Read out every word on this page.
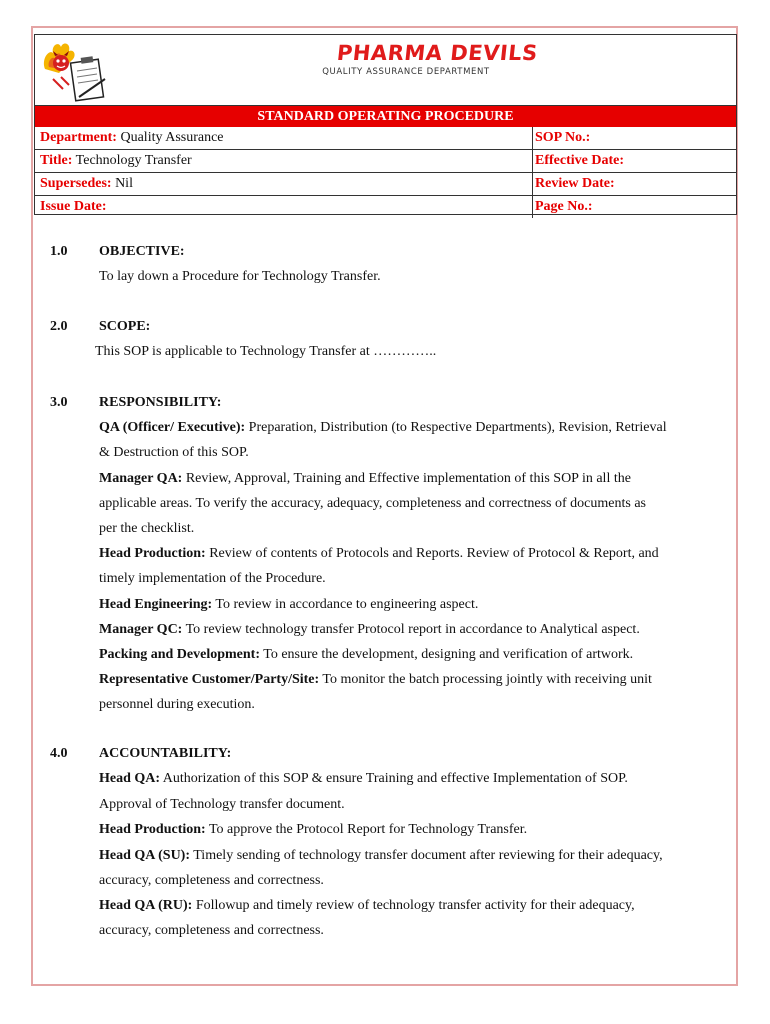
PHARMA DEVILS
QUALITY ASSURANCE DEPARTMENT
STANDARD OPERATING PROCEDURE
Department: Quality Assurance	SOP No.:
Title: Technology Transfer	Effective Date:
Supersedes: Nil	Review Date:
Issue Date:	Page No.:
1.0 OBJECTIVE:
To lay down a Procedure for Technology Transfer.
2.0 SCOPE:
This SOP is applicable to Technology Transfer at …………..
3.0 RESPONSIBILITY:
QA (Officer/ Executive): Preparation, Distribution (to Respective Departments), Revision, Retrieval
& Destruction of this SOP.
Manager QA: Review, Approval, Training and Effective implementation of this SOP in all the
applicable areas. To verify the accuracy, adequacy, completeness and correctness of documents as
per the checklist.
Head Production: Review of contents of Protocols and Reports. Review of Protocol & Report, and
timely implementation of the Procedure.
Head Engineering: To review in accordance to engineering aspect.
Manager QC: To review technology transfer Protocol report in accordance to Analytical aspect.
Packing and Development: To ensure the development, designing and verification of artwork.
Representative Customer/Party/Site: To monitor the batch processing jointly with receiving unit
personnel during execution.
4.0 ACCOUNTABILITY:
Head QA: Authorization of this SOP & ensure Training and effective Implementation of SOP.
Approval of Technology transfer document.
Head Production: To approve the Protocol Report for Technology Transfer.
Head QA (SU): Timely sending of technology transfer document after reviewing for their adequacy,
accuracy, completeness and correctness.
Head QA (RU): Followup and timely review of technology transfer activity for their adequacy,
accuracy, completeness and correctness.
